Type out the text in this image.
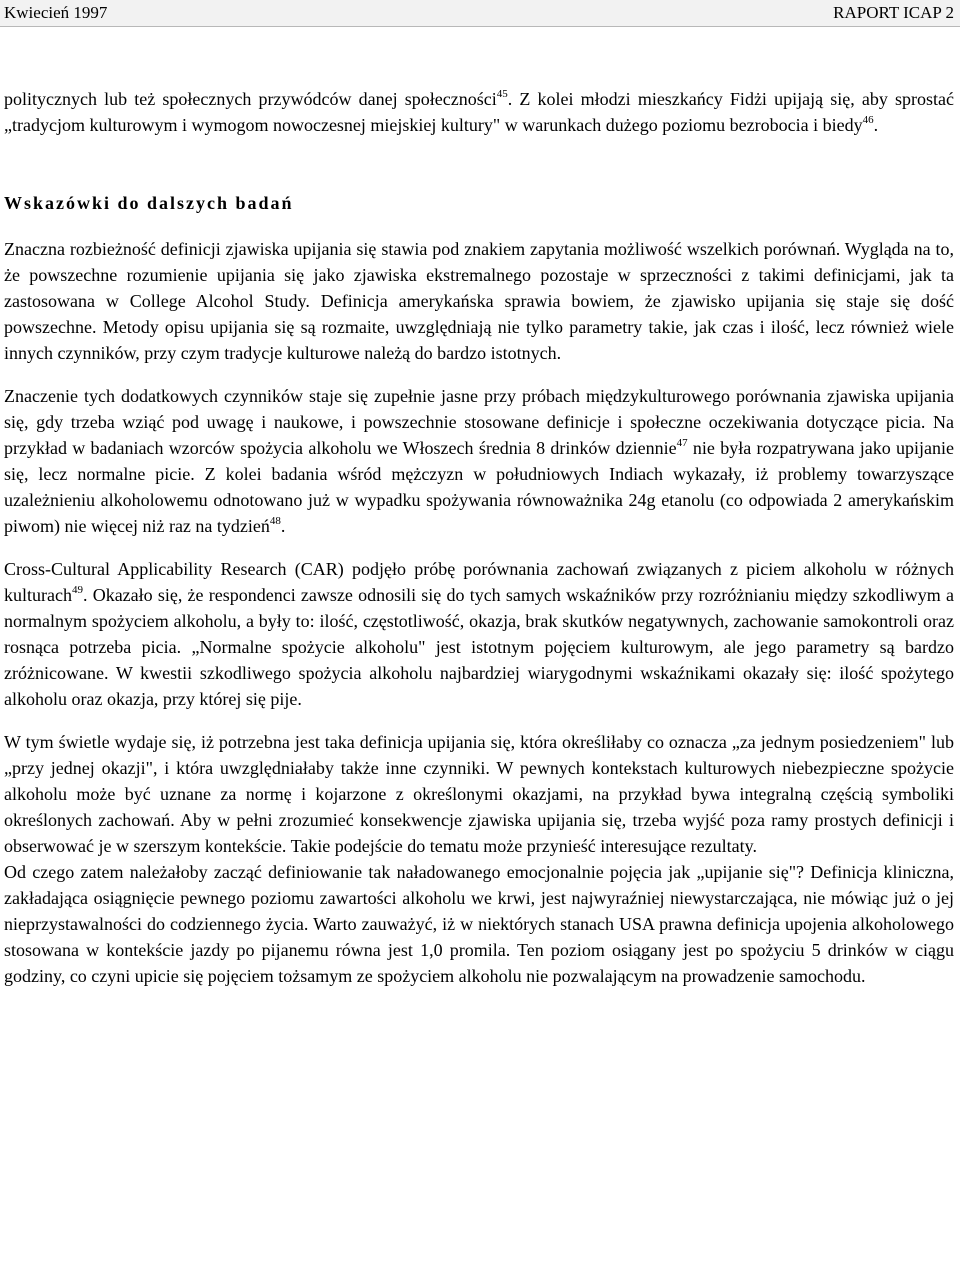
Kwiecień 1997	RAPORT ICAP 2

politycznych lub też społecznych przywódców danej społeczności$^{45}$. Z kolei młodzi mieszkańcy Fidżi upijają się, aby sprostać „tradycjom kulturowym i wymogom nowoczesnej miejskiej kultury" w warunkach dużego poziomu bezrobocia i biedy$^{46}$.

Wskazówki do dalszych badań

Znaczna rozbieżność definicji zjawiska upijania się stawia pod znakiem zapytania możliwość wszelkich porównań. Wygląda na to, że powszechne rozumienie upijania się jako zjawiska ekstremalnego pozostaje w sprzeczności z takimi definicjami, jak ta zastosowana w College Alcohol Study. Definicja amerykańska sprawia bowiem, że zjawisko upijania się staje się dość powszechne. Metody opisu upijania się są rozmaite, uwzględniają nie tylko parametry takie, jak czas i ilość, lecz również wiele innych czynników, przy czym tradycje kulturowe należą do bardzo istotnych.

Znaczenie tych dodatkowych czynników staje się zupełnie jasne przy próbach międzykulturowego porównania zjawiska upijania się, gdy trzeba wziąć pod uwagę i naukowe, i powszechnie stosowane definicje i społeczne oczekiwania dotyczące picia. Na przykład w badaniach wzorców spożycia alkoholu we Włoszech średnia 8 drinków dziennie$^{47}$ nie była rozpatrywana jako upijanie się, lecz normalne picie. Z kolei badania wśród mężczyzn w południowych Indiach wykazały, iż problemy towarzyszące uzależnieniu alkoholowemu odnotowano już w wypadku spożywania równoważnika 24g etanolu (co odpowiada 2 amerykańskim piwom) nie więcej niż raz na tydzień$^{48}$.

Cross-Cultural Applicability Research (CAR) podjęło próbę porównania zachowań związanych z piciem alkoholu w różnych kulturach$^{49}$. Okazało się, że respondenci zawsze odnosili się do tych samych wskaźników przy rozróżnianiu między szkodliwym a normalnym spożyciem alkoholu, a były to: ilość, częstotliwość, okazja, brak skutków negatywnych, zachowanie samokontroli oraz rosnąca potrzeba picia. „Normalne spożycie alkoholu" jest istotnym pojęciem kulturowym, ale jego parametry są bardzo zróżnicowane. W kwestii szkodliwego spożycia alkoholu najbardziej wiarygodnymi wskaźnikami okazały się: ilość spożytego alkoholu oraz okazja, przy której się pije.

W tym świetle wydaje się, iż potrzebna jest taka definicja upijania się, która określiłaby co oznacza „za jednym posiedzeniem" lub „przy jednej okazji", i która uwzględniałaby także inne czynniki. W pewnych kontekstach kulturowych niebezpieczne spożycie alkoholu może być uznane za normę i kojarzone z określonymi okazjami, na przykład bywa integralną częścią symboliki określonych zachowań. Aby w pełni zrozumieć konsekwencje zjawiska upijania się, trzeba wyjść poza ramy prostych definicji i obserwować je w szerszym kontekście. Takie podejście do tematu może przynieść interesujące rezultaty.

Od czego zatem należałoby zacząć definiowanie tak naładowanego emocjonalnie pojęcia jak „upijanie się"? Definicja kliniczna, zakładająca osiągnięcie pewnego poziomu zawartości alkoholu we krwi, jest najwyraźniej niewystarczająca, nie mówiąc już o jej nieprzystawalności do codziennego życia. Warto zauważyć, iż w niektórych stanach USA prawna definicja upojenia alkoholowego stosowana w kontekście jazdy po pijanemu równa jest 1,0 promila. Ten poziom osiągany jest po spożyciu 5 drinków w ciągu godziny, co czyni upicie się pojęciem tożsamym ze spożyciem alkoholu nie pozwalającym na prowadzenie samochodu.
